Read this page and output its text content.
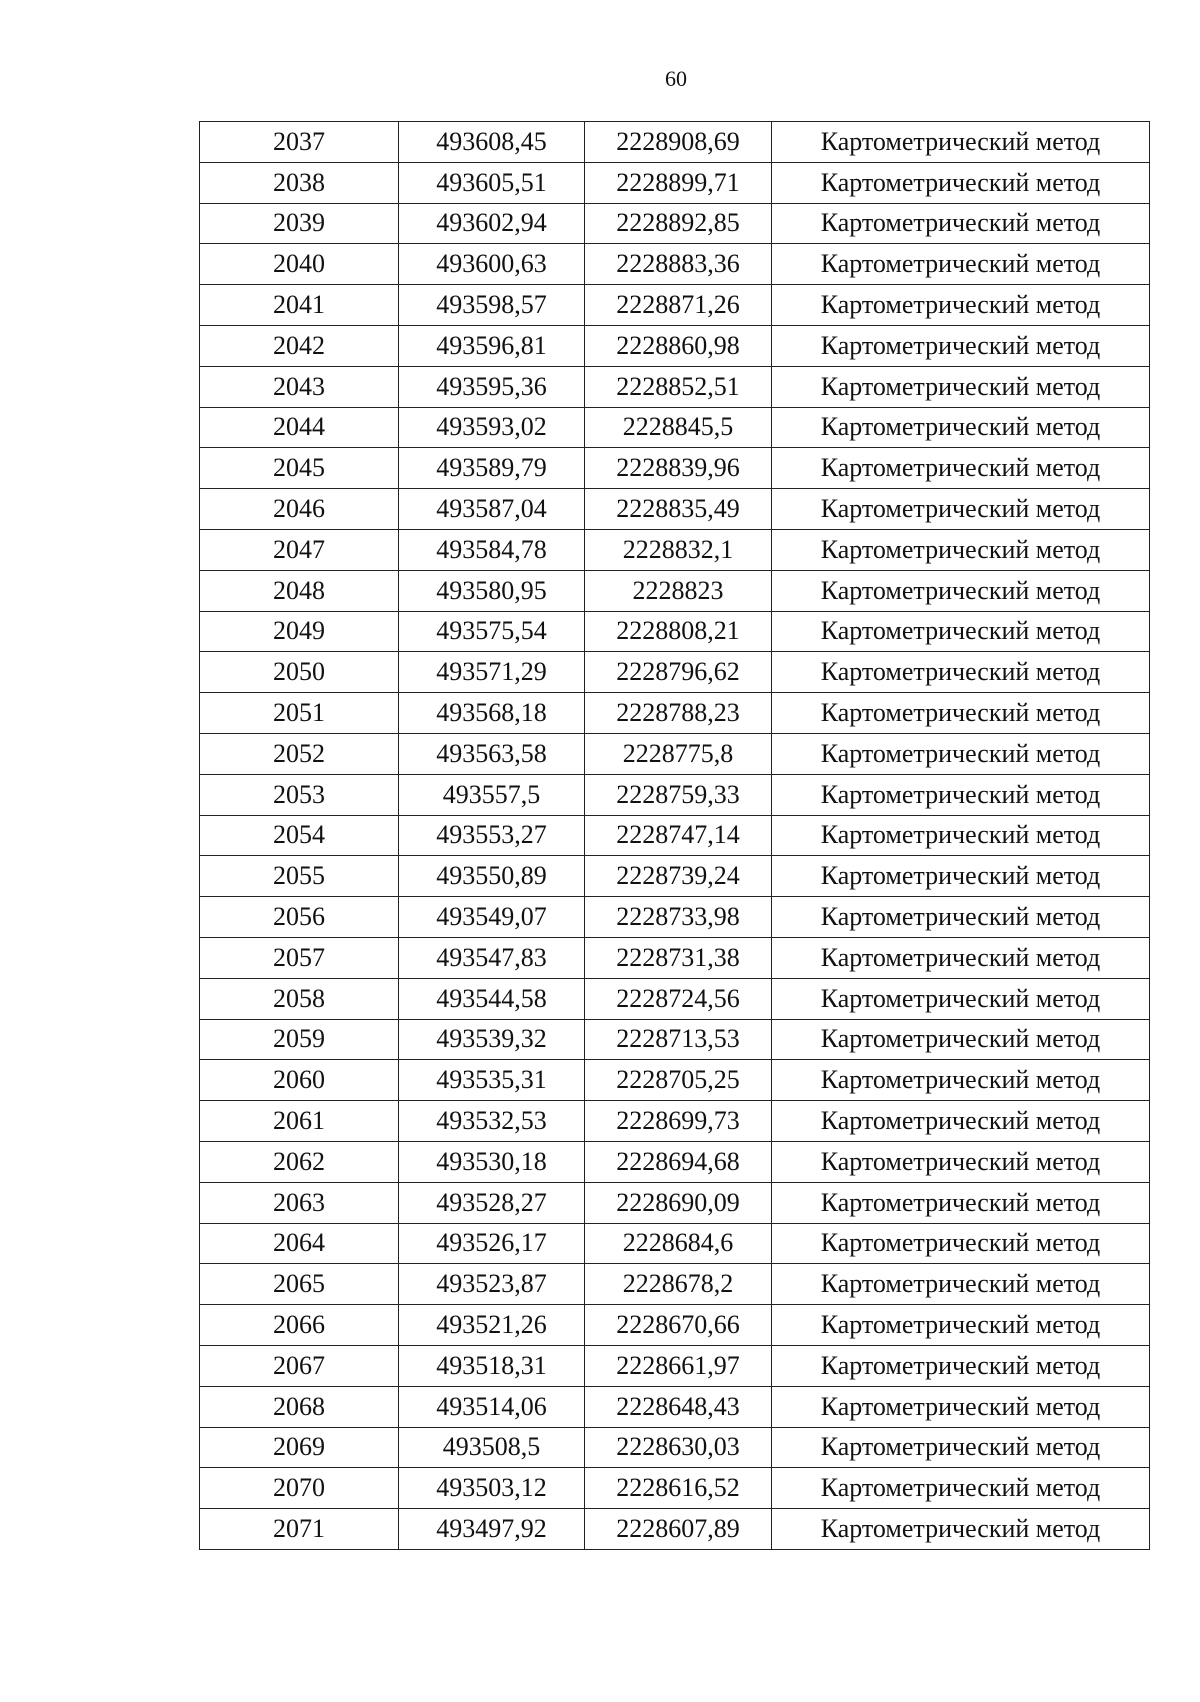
60
2037	493608,45	2228908,69	Картометрический метод
2038	493605,51	2228899,71	Картометрический метод
2039	493602,94	2228892,85	Картометрический метод
2040	493600,63	2228883,36	Картометрический метод
2041	493598,57	2228871,26	Картометрический метод
2042	493596,81	2228860,98	Картометрический метод
2043	493595,36	2228852,51	Картометрический метод
2044	493593,02	2228845,5	Картометрический метод
2045	493589,79	2228839,96	Картометрический метод
2046	493587,04	2228835,49	Картометрический метод
2047	493584,78	2228832,1	Картометрический метод
2048	493580,95	2228823	Картометрический метод
2049	493575,54	2228808,21	Картометрический метод
2050	493571,29	2228796,62	Картометрический метод
2051	493568,18	2228788,23	Картометрический метод
2052	493563,58	2228775,8	Картометрический метод
2053	493557,5	2228759,33	Картометрический метод
2054	493553,27	2228747,14	Картометрический метод
2055	493550,89	2228739,24	Картометрический метод
2056	493549,07	2228733,98	Картометрический метод
2057	493547,83	2228731,38	Картометрический метод
2058	493544,58	2228724,56	Картометрический метод
2059	493539,32	2228713,53	Картометрический метод
2060	493535,31	2228705,25	Картометрический метод
2061	493532,53	2228699,73	Картометрический метод
2062	493530,18	2228694,68	Картометрический метод
2063	493528,27	2228690,09	Картометрический метод
2064	493526,17	2228684,6	Картометрический метод
2065	493523,87	2228678,2	Картометрический метод
2066	493521,26	2228670,66	Картометрический метод
2067	493518,31	2228661,97	Картометрический метод
2068	493514,06	2228648,43	Картометрический метод
2069	493508,5	2228630,03	Картометрический метод
2070	493503,12	2228616,52	Картометрический метод
2071	493497,92	2228607,89	Картометрический метод
